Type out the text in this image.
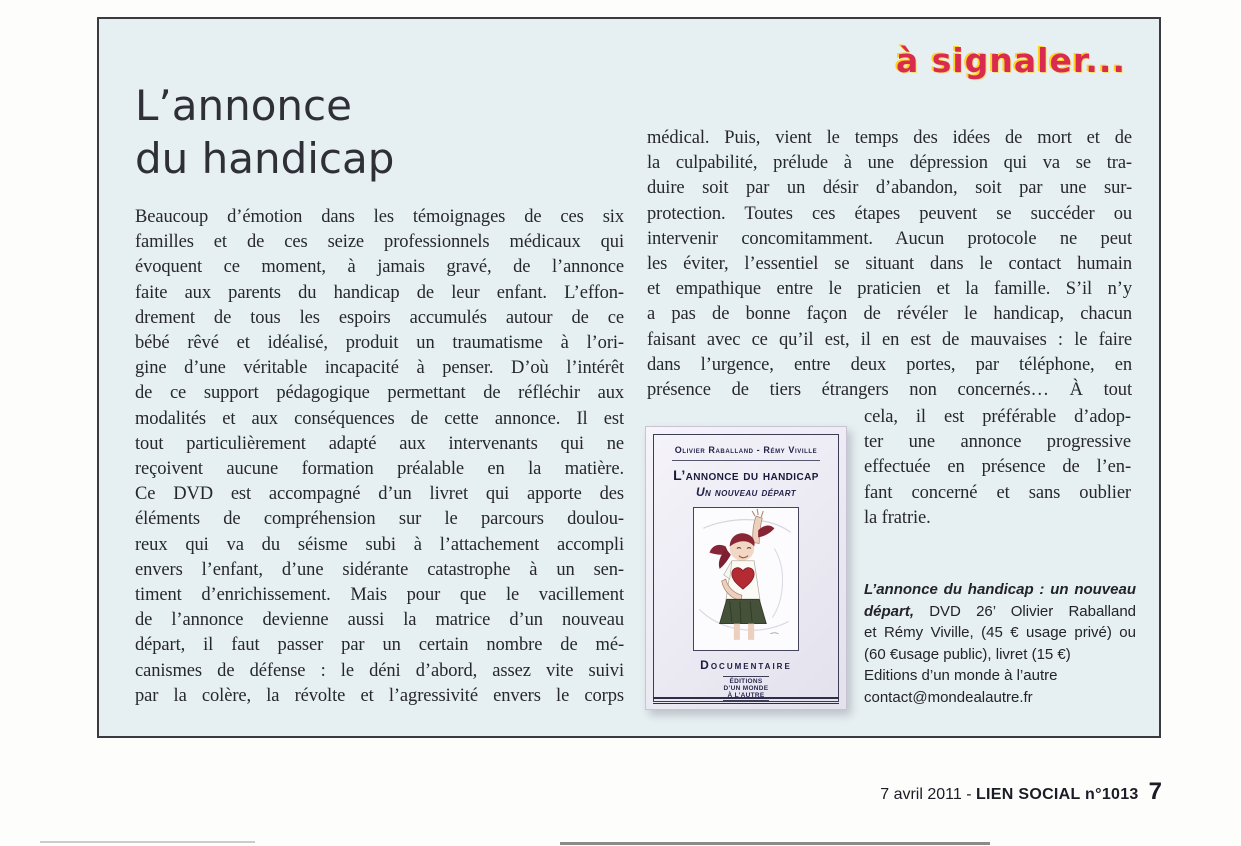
à signaler...
L’annonce
du handicap
Beaucoup d’émotion dans les témoignages de ces six
familles et de ces seize professionnels médicaux qui
évoquent ce moment, à jamais gravé, de l’annonce
faite aux parents du handicap de leur enfant. L’effon-
drement de tous les espoirs accumulés autour de ce
bébé rêvé et idéalisé, produit un traumatisme à l’ori-
gine d’une véritable incapacité à penser. D’où l’intérêt
de ce support pédagogique permettant de réfléchir aux
modalités et aux conséquences de cette annonce. Il est
tout particulièrement adapté aux intervenants qui ne
reçoivent aucune formation préalable en la matière.
Ce DVD est accompagné d’un livret qui apporte des
éléments de compréhension sur le parcours doulou-
reux qui va du séisme subi à l’attachement accompli
envers l’enfant, d’une sidérante catastrophe à un sen-
timent d’enrichissement. Mais pour que le vacillement
de l’annonce devienne aussi la matrice d’un nouveau
départ, il faut passer par un certain nombre de mé-
canismes de défense : le déni d’abord, assez vite suivi
par la colère, la révolte et l’agressivité envers le corps
médical. Puis, vient le temps des idées de mort et de
la culpabilité, prélude à une dépression qui va se tra-
duire soit par un désir d’abandon, soit par une sur-
protection. Toutes ces étapes peuvent se succéder ou
intervenir concomitamment. Aucun protocole ne peut
les éviter, l’essentiel se situant dans le contact humain
et empathique entre le praticien et la famille. S’il n’y
a pas de bonne façon de révéler le handicap, chacun
faisant avec ce qu’il est, il en est de mauvaises : le faire
dans l’urgence, entre deux portes, par téléphone, en
présence de tiers étrangers non concernés… À tout
cela, il est préférable d’adop-
ter une annonce progressive
effectuée en présence de l’en-
fant concerné et sans oublier
la fratrie.
Olivier Raballand - Rémy Viville
L’annonce du handicap
Un nouveau départ
Documentaire
ÉDITIONS
D’UN MONDE
À L’AUTRE
L’annonce du handicap : un nouveau
départ, DVD 26’ Olivier Raballand
et Rémy Viville, (45 € usage privé) ou
(60 €usage public), livret (15 €)
Editions d’un monde à l’autre
contact@mondealautre.fr
7 avril 2011 - LIEN SOCIAL n°1013 7
